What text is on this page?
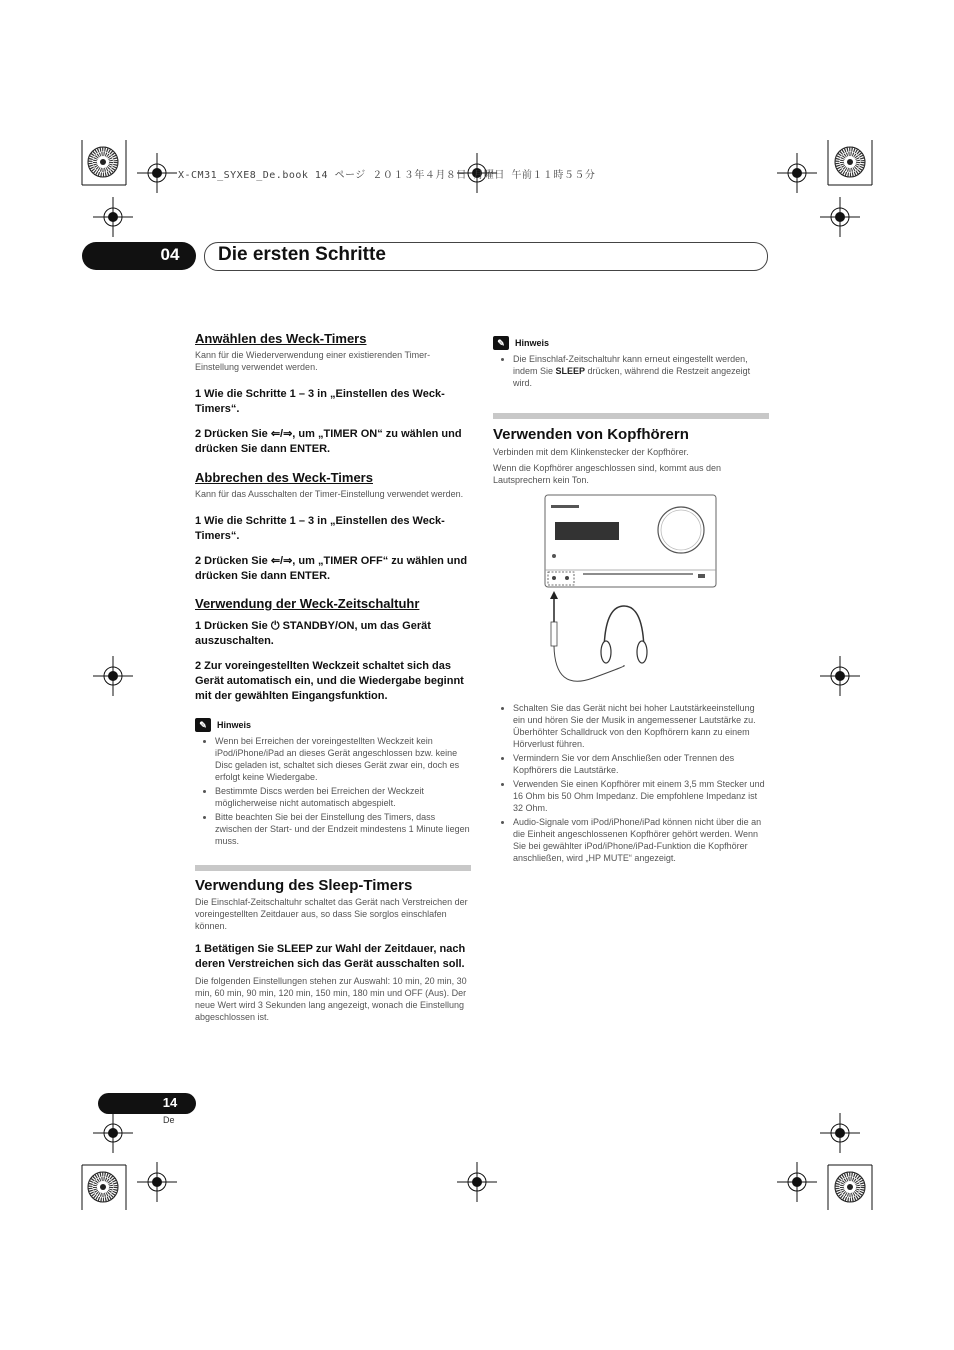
X-CM31_SYXE8_De.book 14 ページ ２０１３年４月８日 月曜日 午前１１時５５分
04	Die ersten Schritte

Anwählen des Weck-Timers

Kann für die Wiederverwendung einer existierenden Timer-Einstellung verwendet werden.

1 Wie die Schritte 1 – 3 in „Einstellen des Weck-Timers“.

2 Drücken Sie ⇐/⇒, um „TIMER ON“ zu wählen und drücken Sie dann ENTER.

Abbrechen des Weck-Timers

Kann für das Ausschalten der Timer-Einstellung verwendet werden.

1 Wie die Schritte 1 – 3 in „Einstellen des Weck-Timers“.

2 Drücken Sie ⇐/⇒, um „TIMER OFF“ zu wählen und drücken Sie dann ENTER.

Verwendung der Weck-Zeitschaltuhr

1 Drücken Sie ⏻ STANDBY/ON, um das Gerät auszuschalten.

2 Zur voreingestellten Weckzeit schaltet sich das Gerät automatisch ein, und die Wiedergabe beginnt mit der gewählten Eingangsfunktion.

✎	Hinweis
• Wenn bei Erreichen der voreingestellten Weckzeit kein iPod/iPhone/iPad an dieses Gerät angeschlossen bzw. keine Disc geladen ist, schaltet sich dieses Gerät zwar ein, doch es erfolgt keine Wiedergabe.
• Bestimmte Discs werden bei Erreichen der Weckzeit möglicherweise nicht automatisch abgespielt.
• Bitte beachten Sie bei der Einstellung des Timers, dass zwischen der Start- und der Endzeit mindestens 1 Minute liegen muss.

Verwendung des Sleep-Timers

Die Einschlaf-Zeitschaltuhr schaltet das Gerät nach Verstreichen der voreingestellten Zeitdauer aus, so dass Sie sorglos einschlafen können.

1 Betätigen Sie SLEEP zur Wahl der Zeitdauer, nach deren Verstreichen sich das Gerät ausschalten soll.

Die folgenden Einstellungen stehen zur Auswahl: 10 min, 20 min, 30 min, 60 min, 90 min, 120 min, 150 min, 180 min und OFF (Aus). Der neue Wert wird 3 Sekunden lang angezeigt, wonach die Einstellung abgeschlossen ist.

✎	Hinweis
• Die Einschlaf-Zeitschaltuhr kann erneut eingestellt werden, indem Sie SLEEP drücken, während die Restzeit angezeigt wird.

Verwenden von Kopfhörern

Verbinden mit dem Klinkenstecker der Kopfhörer.

Wenn die Kopfhörer angeschlossen sind, kommt aus den Lautsprechern kein Ton.

• Schalten Sie das Gerät nicht bei hoher Lautstärkeeinstellung ein und hören Sie der Musik in angemessener Lautstärke zu. Überhöhter Schalldruck von den Kopfhörern kann zu einem Hörverlust führen.
• Vermindern Sie vor dem Anschließen oder Trennen des Kopfhörers die Lautstärke.
• Verwenden Sie einen Kopfhörer mit einem 3,5 mm Stecker und 16 Ohm bis 50 Ohm Impedanz. Die empfohlene Impedanz ist 32 Ohm.
• Audio-Signale vom iPod/iPhone/iPad können nicht über die an die Einheit angeschlossenen Kopfhörer gehört werden. Wenn Sie bei gewählter iPod/iPhone/iPad-Funktion die Kopfhörer anschließen, wird „HP MUTE“ angezeigt.
14
De
